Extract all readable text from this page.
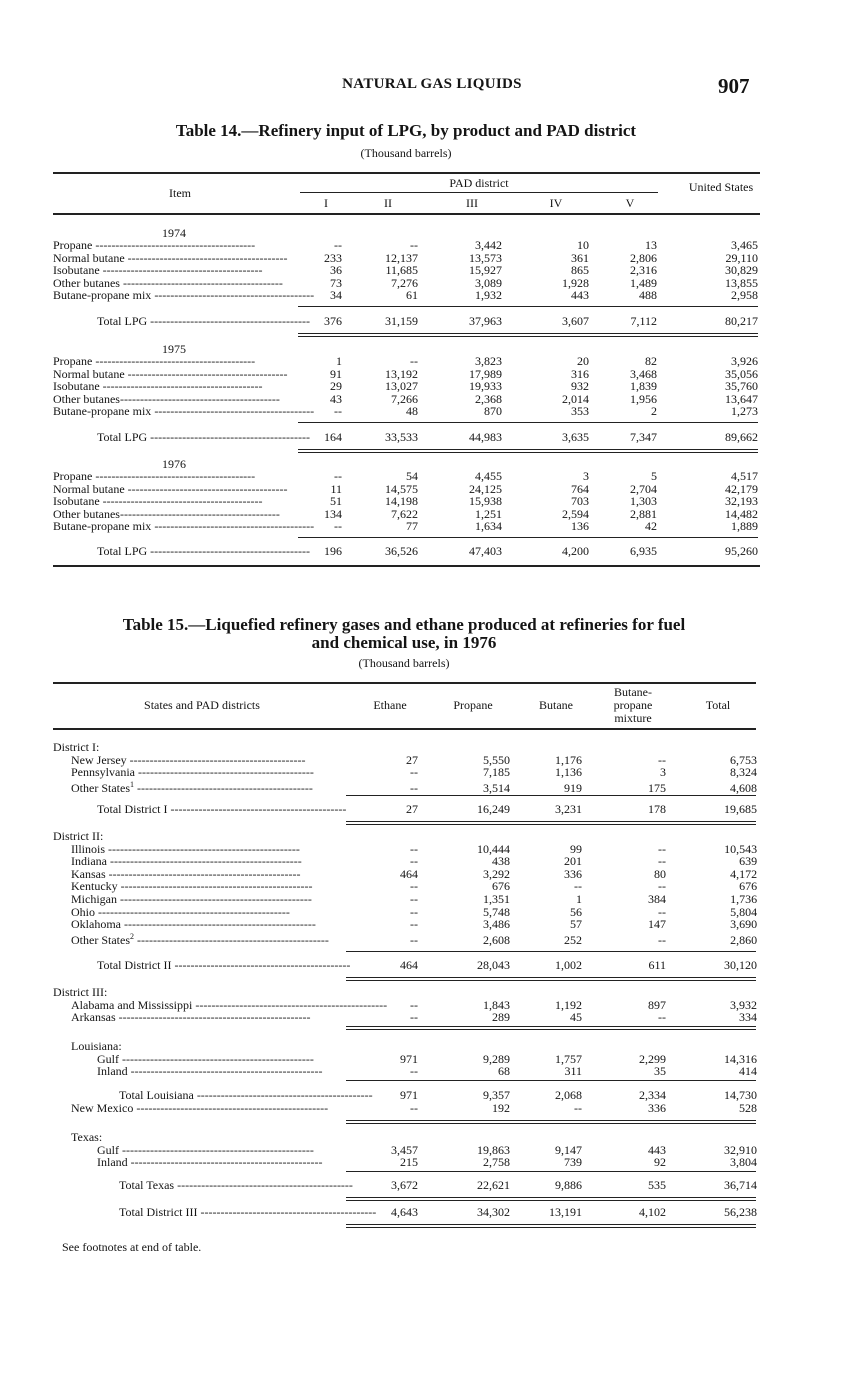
NATURAL GAS LIQUIDS	907
Table 14.—Refinery input of LPG, by product and PAD district
(Thousand barrels)
Item
PAD district	United States
I	II	III	IV	V
1974
Propane ----------------------------------------	--	--	3,442	10	13	3,465
Normal butane ----------------------------------------	233	12,137	13,573	361	2,806	29,110
Isobutane ----------------------------------------	36	11,685	15,927	865	2,316	30,829
Other butanes ----------------------------------------	73	7,276	3,089	1,928	1,489	13,855
Butane-propane mix ----------------------------------------	34	61	1,932	443	488	2,958
Total LPG ----------------------------------------	376	31,159	37,963	3,607	7,112	80,217
1975
Propane ----------------------------------------	1	--	3,823	20	82	3,926
Normal butane ----------------------------------------	91	13,192	17,989	316	3,468	35,056
Isobutane ----------------------------------------	29	13,027	19,933	932	1,839	35,760
Other butanes----------------------------------------	43	7,266	2,368	2,014	1,956	13,647
Butane-propane mix ----------------------------------------	--	48	870	353	2	1,273
Total LPG ----------------------------------------	164	33,533	44,983	3,635	7,347	89,662
1976
Propane ----------------------------------------	--	54	4,455	3	5	4,517
Normal butane ----------------------------------------	11	14,575	24,125	764	2,704	42,179
Isobutane ----------------------------------------	51	14,198	15,938	703	1,303	32,193
Other butanes----------------------------------------	134	7,622	1,251	2,594	2,881	14,482
Butane-propane mix ----------------------------------------	--	77	1,634	136	42	1,889
Total LPG ----------------------------------------	196	36,526	47,403	4,200	6,935	95,260
Table 15.—Liquefied refinery gases and ethane produced at refineries for fuel
and chemical use, in 1976
(Thousand barrels)
States and PAD districts	Ethane	Propane	Butane
Butane-
propane
mixture
Total
District I:					
New Jersey --------------------------------------------	27	5,550	1,176	--	6,753
Pennsylvania --------------------------------------------	--	7,185	1,136	3	8,324
Other States$^1$ --------------------------------------------	--	3,514	919	175	4,608
Total District I --------------------------------------------	27	16,249	3,231	178	19,685
District II:					
Illinois ------------------------------------------------	--	10,444	99	--	10,543
Indiana ------------------------------------------------	--	438	201	--	639
Kansas ------------------------------------------------	464	3,292	336	80	4,172
Kentucky ------------------------------------------------	--	676	--	--	676
Michigan ------------------------------------------------	--	1,351	1	384	1,736
Ohio ------------------------------------------------	--	5,748	56	--	5,804
Oklahoma ------------------------------------------------	--	3,486	57	147	3,690
Other States$^2$ ------------------------------------------------	--	2,608	252	--	2,860
Total District II --------------------------------------------	464	28,043	1,002	611	30,120
District III:					
Alabama and Mississippi ------------------------------------------------	--	1,843	1,192	897	3,932
Arkansas ------------------------------------------------	--	289	45	--	334
Louisiana:					
Gulf ------------------------------------------------	971	9,289	1,757	2,299	14,316
Inland ------------------------------------------------	--	68	311	35	414
Total Louisiana --------------------------------------------	971	9,357	2,068	2,334	14,730
New Mexico ------------------------------------------------	--	192	--	336	528
Texas:					
Gulf ------------------------------------------------	3,457	19,863	9,147	443	32,910
Inland ------------------------------------------------	215	2,758	739	92	3,804
Total Texas --------------------------------------------	3,672	22,621	9,886	535	36,714
Total District III --------------------------------------------	4,643	34,302	13,191	4,102	56,238
See footnotes at end of table.
